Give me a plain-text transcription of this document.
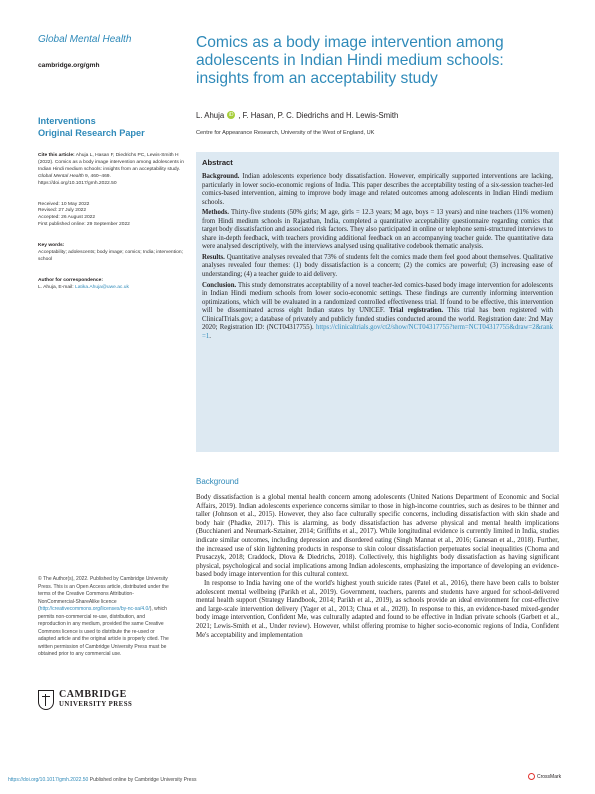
Global Mental Health
cambridge.org/gmh
Interventions
Original Research Paper
Cite this article: Ahuja L, Hasan F, Diedrichs PC, Lewis-Smith H (2022). Comics as a body image intervention among adolescents in Indian Hindi medium schools: insights from an acceptability study. Global Mental Health 9, 460–469. https://doi.org/10.1017/gmh.2022.50
Received: 10 May 2022
Revised: 27 July 2022
Accepted: 26 August 2022
First published online: 29 September 2022
Key words:
Acceptability; adolescents; body image; comics; India; intervention; school
Author for correspondence:
L. Ahuja, E-mail: Latika.Ahuja@uwe.ac.uk
© The Author(s), 2022. Published by Cambridge University Press. This is an Open Access article, distributed under the terms of the Creative Commons Attribution-NonCommercial-ShareAlike licence (http://creativecommons.org/licenses/by-nc-sa/4.0/), which permits non-commercial re-use, distribution, and reproduction in any medium, provided the same Creative Commons licence is used to distribute the re-used or adapted article and the original article is properly cited. The written permission of Cambridge University Press must be obtained prior to any commercial use.
CAMBRIDGE
UNIVERSITY PRESS
Comics as a body image intervention among adolescents in Indian Hindi medium schools: insights from an acceptability study
L. Ahuja iD , F. Hasan, P. C. Diedrichs and H. Lewis-Smith
Centre for Appearance Research, University of the West of England, UK
Abstract

Background. Indian adolescents experience body dissatisfaction. However, empirically supported interventions are lacking, particularly in lower socio-economic regions of India. This paper describes the acceptability testing of a six-session teacher-led comics-based intervention, aiming to improve body image and related outcomes among adolescents in Indian Hindi medium schools.

Methods. Thirty-five students (50% girls; M age, girls = 12.3 years; M age, boys = 13 years) and nine teachers (11% women) from Hindi medium schools in Rajasthan, India, completed a quantitative acceptability questionnaire regarding comics that target body dissatisfaction and associated risk factors. They also participated in online or telephone semi-structured interviews to share in-depth feedback, with teachers providing additional feedback on an accompanying teacher guide. The quantitative data were analysed descriptively, with the interviews analysed using qualitative codebook thematic analysis.

Results. Quantitative analyses revealed that 73% of students felt the comics made them feel good about themselves. Qualitative analyses revealed four themes: (1) body dissatisfaction is a concern; (2) the comics are powerful; (3) increasing ease of understanding; (4) a teacher guide to aid delivery.

Conclusion. This study demonstrates acceptability of a novel teacher-led comics-based body image intervention for adolescents in Indian Hindi medium schools from lower socio-economic settings. These findings are currently informing intervention optimizations, which will be evaluated in a randomized controlled effectiveness trial. If found to be effective, this intervention will be disseminated across eight Indian states by UNICEF. Trial registration. This trial has been registered with ClinicalTrials.gov; a database of privately and publicly funded studies conducted around the world. Registration date: 2nd May 2020; Registration ID: (NCT04317755). https://clinicaltrials.gov/ct2/show/NCT04317755?term=NCT04317755&draw=2&rank=1.

Background

Body dissatisfaction is a global mental health concern among adolescents (United Nations Department of Economic and Social Affairs, 2019). Indian adolescents experience concerns similar to those in high-income countries, such as desires to be thinner and taller (Johnson et al., 2015). However, they also face culturally specific concerns, including dissatisfaction with skin shade and body hair (Phadke, 2017). This is alarming, as body dissatisfaction has adverse physical and mental health implications (Bucchianeri and Neumark-Sztainer, 2014; Griffiths et al., 2017). While longitudinal evidence is currently limited in India, studies indicate similar outcomes, including depression and disordered eating (Singh Mannat et al., 2016; Ganesan et al., 2018). Further, the increased use of skin lightening products in response to skin colour dissatisfaction perpetuates social inequalities (Choma and Prusaczyk, 2018; Craddock, Dlova & Diedrichs, 2018). Collectively, this highlights body dissatisfaction as having significant physical, psychological and social implications among Indian adolescents, emphasizing the importance of developing an evidence-based body image intervention for this cultural context.

In response to India having one of the world's highest youth suicide rates (Patel et al., 2016), there have been calls to bolster adolescent mental wellbeing (Parikh et al., 2019). Government, teachers, parents and students have argued for school-delivered mental health support (Strategy Handbook, 2014; Parikh et al., 2019), as schools provide an ideal environment for cost-effective and large-scale intervention delivery (Yager et al., 2013; Chua et al., 2020). In response to this, an evidence-based mixed-gender body image intervention, Confident Me, was culturally adapted and found to be effective in Indian private schools (Garbett et al., 2021; Lewis-Smith et al., Under review). However, whilst offering promise to higher socio-economic regions of India, Confident Me's acceptability and implementation

https://doi.org/10.1017/gmh.2022.50 Published online by Cambridge University Press
CrossMark
